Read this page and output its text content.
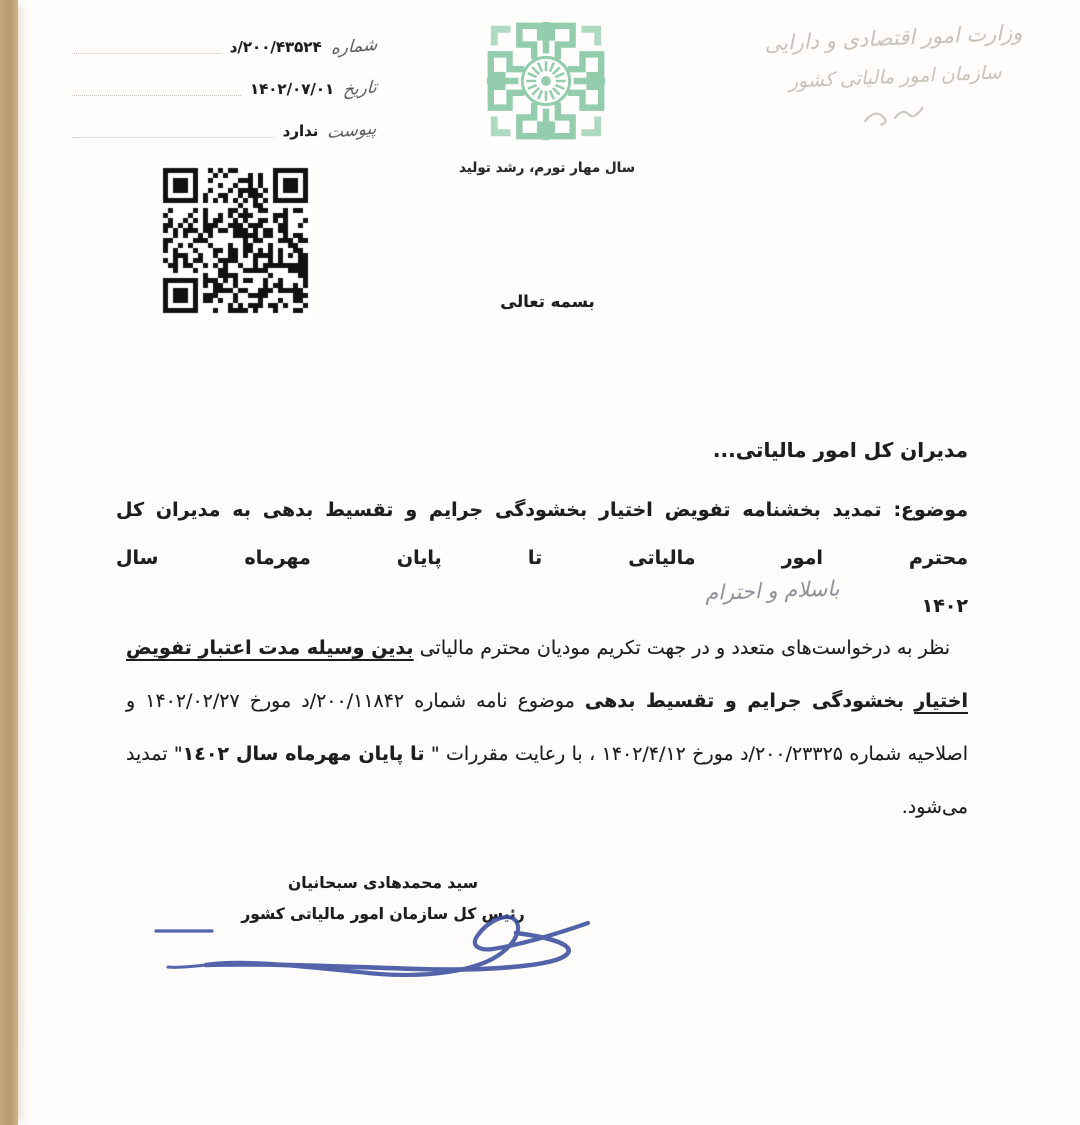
شماره
۲۰۰/۴۳۵۲۴/د
تاریخ
۱۴۰۲/۰۷/۰۱
پیوست
ندارد
سال مهار تورم، رشد تولید
وزارت امور اقتصادی و دارایی
سازمان امور مالیاتی کشور
بسمه تعالی
مدیران کل امور مالیاتی...
موضوع: تمدید بخشنامه تفویض اختیار بخشودگی جرایم و تقسیط بدهی به مدیران کل محترم امور مالیاتی تا پایان مهرماه سال
۱۴۰۲
باسلام و احترام
نظر به درخواست‌های متعدد و در جهت تکریم مودیان محترم مالیاتی بدین وسیله مدت اعتبار تفویض اختیار بخشودگی جرایم و تقسیط بدهی موضوع نامه شماره ۲۰۰/۱۱۸۴۲/د مورخ ۱۴۰۲/۰۲/۲۷ و اصلاحیه شماره ۲۰۰/۲۳۳۲۵/د مورخ ۱۴۰۲/۴/۱۲ ، با رعایت مقررات " تا پایان مهرماه سال ١٤٠٢" تمدید می‌شود.
سید محمدهادی سبحانیان
رئیس کل سازمان امور مالیاتی کشور
